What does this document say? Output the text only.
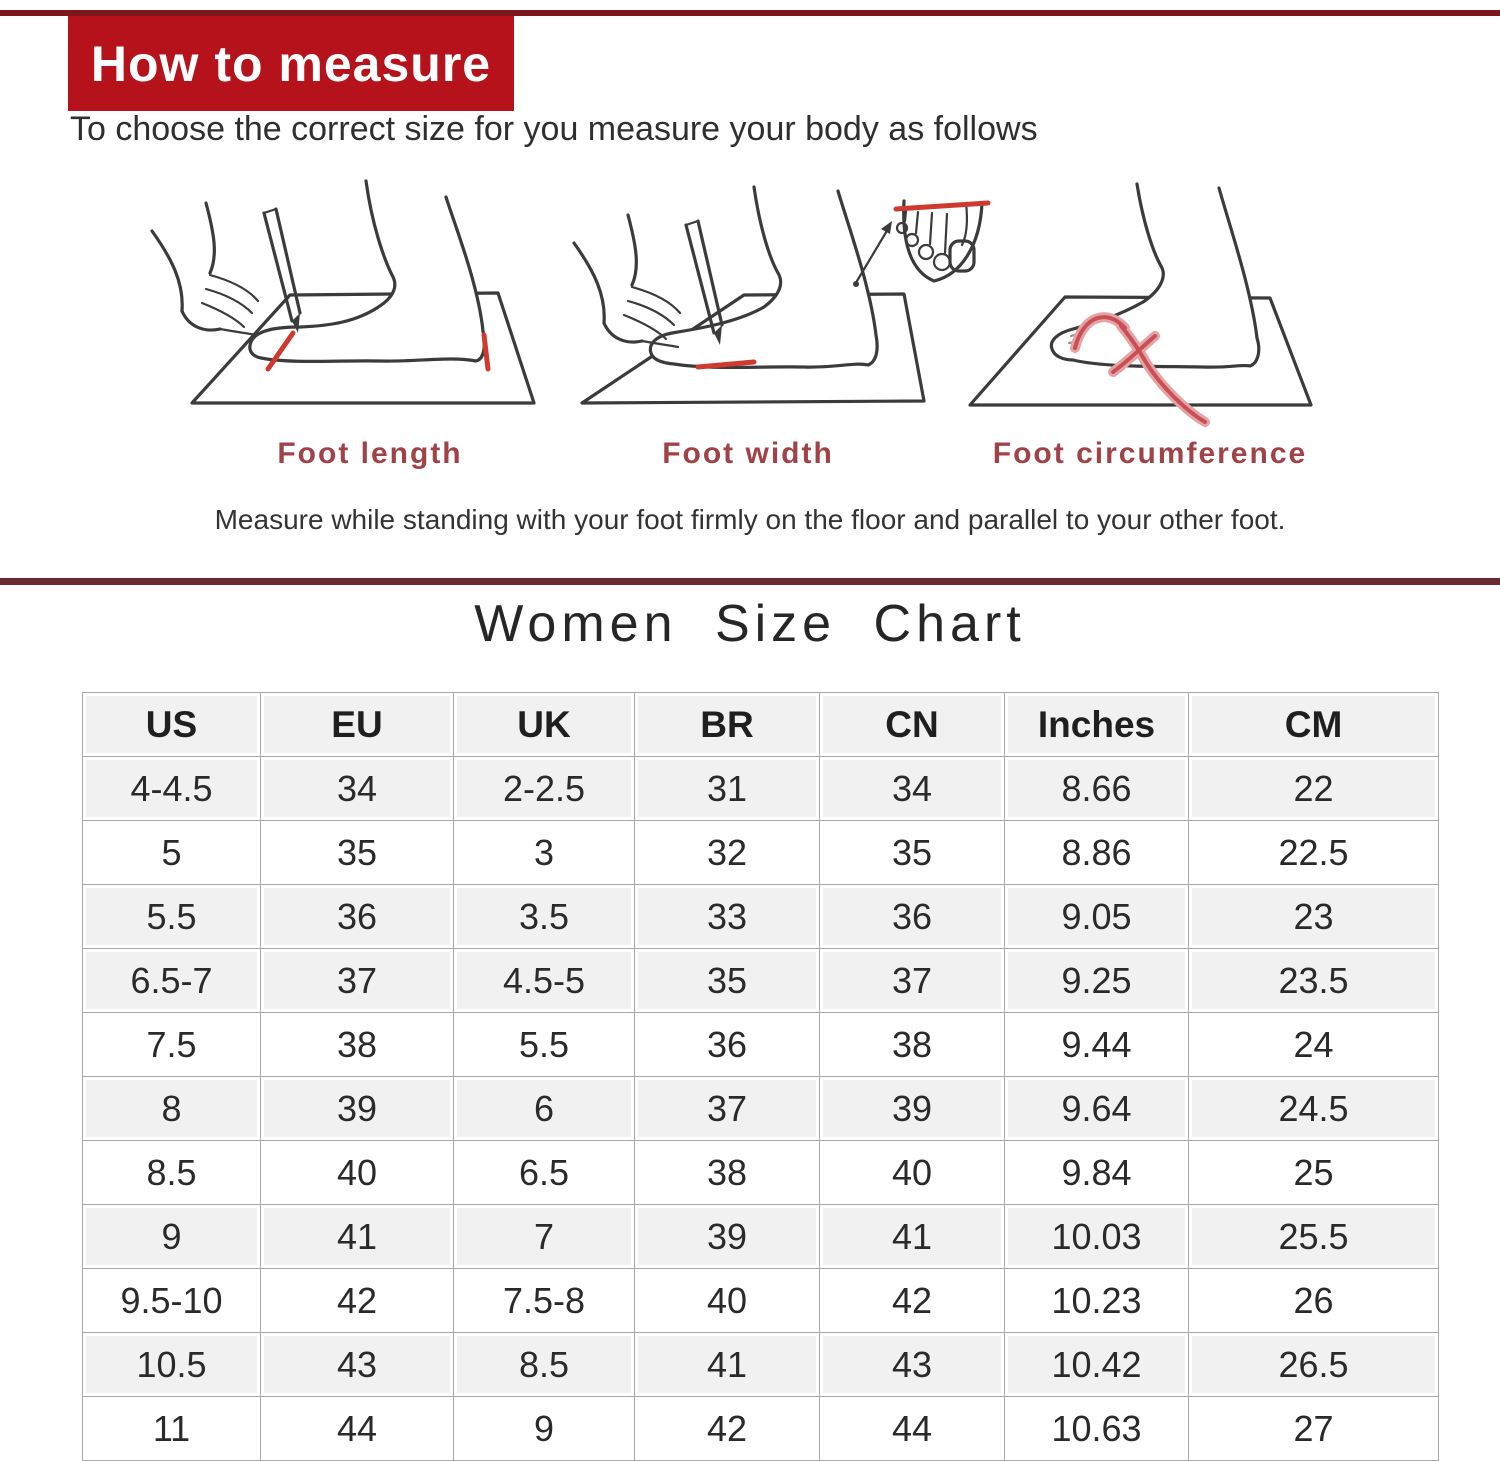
How to measure
To choose the correct size for you measure your body as follows
Foot length	Foot width	Foot circumference
Measure while standing with your foot firmly on the floor and parallel to your other foot.
Women Size Chart
US	EU	UK	BR	CN	Inches	CM

4-4.5	34	2-2.5	31	34	8.66	22

5	35	3	32	35	8.86	22.5

5.5	36	3.5	33	36	9.05	23

6.5-7	37	4.5-5	35	37	9.25	23.5

7.5	38	5.5	36	38	9.44	24

8	39	6	37	39	9.64	24.5

8.5	40	6.5	38	40	9.84	25

9	41	7	39	41	10.03	25.5

9.5-10	42	7.5-8	40	42	10.23	26

10.5	43	8.5	41	43	10.42	26.5

11	44	9	42	44	10.63	27
